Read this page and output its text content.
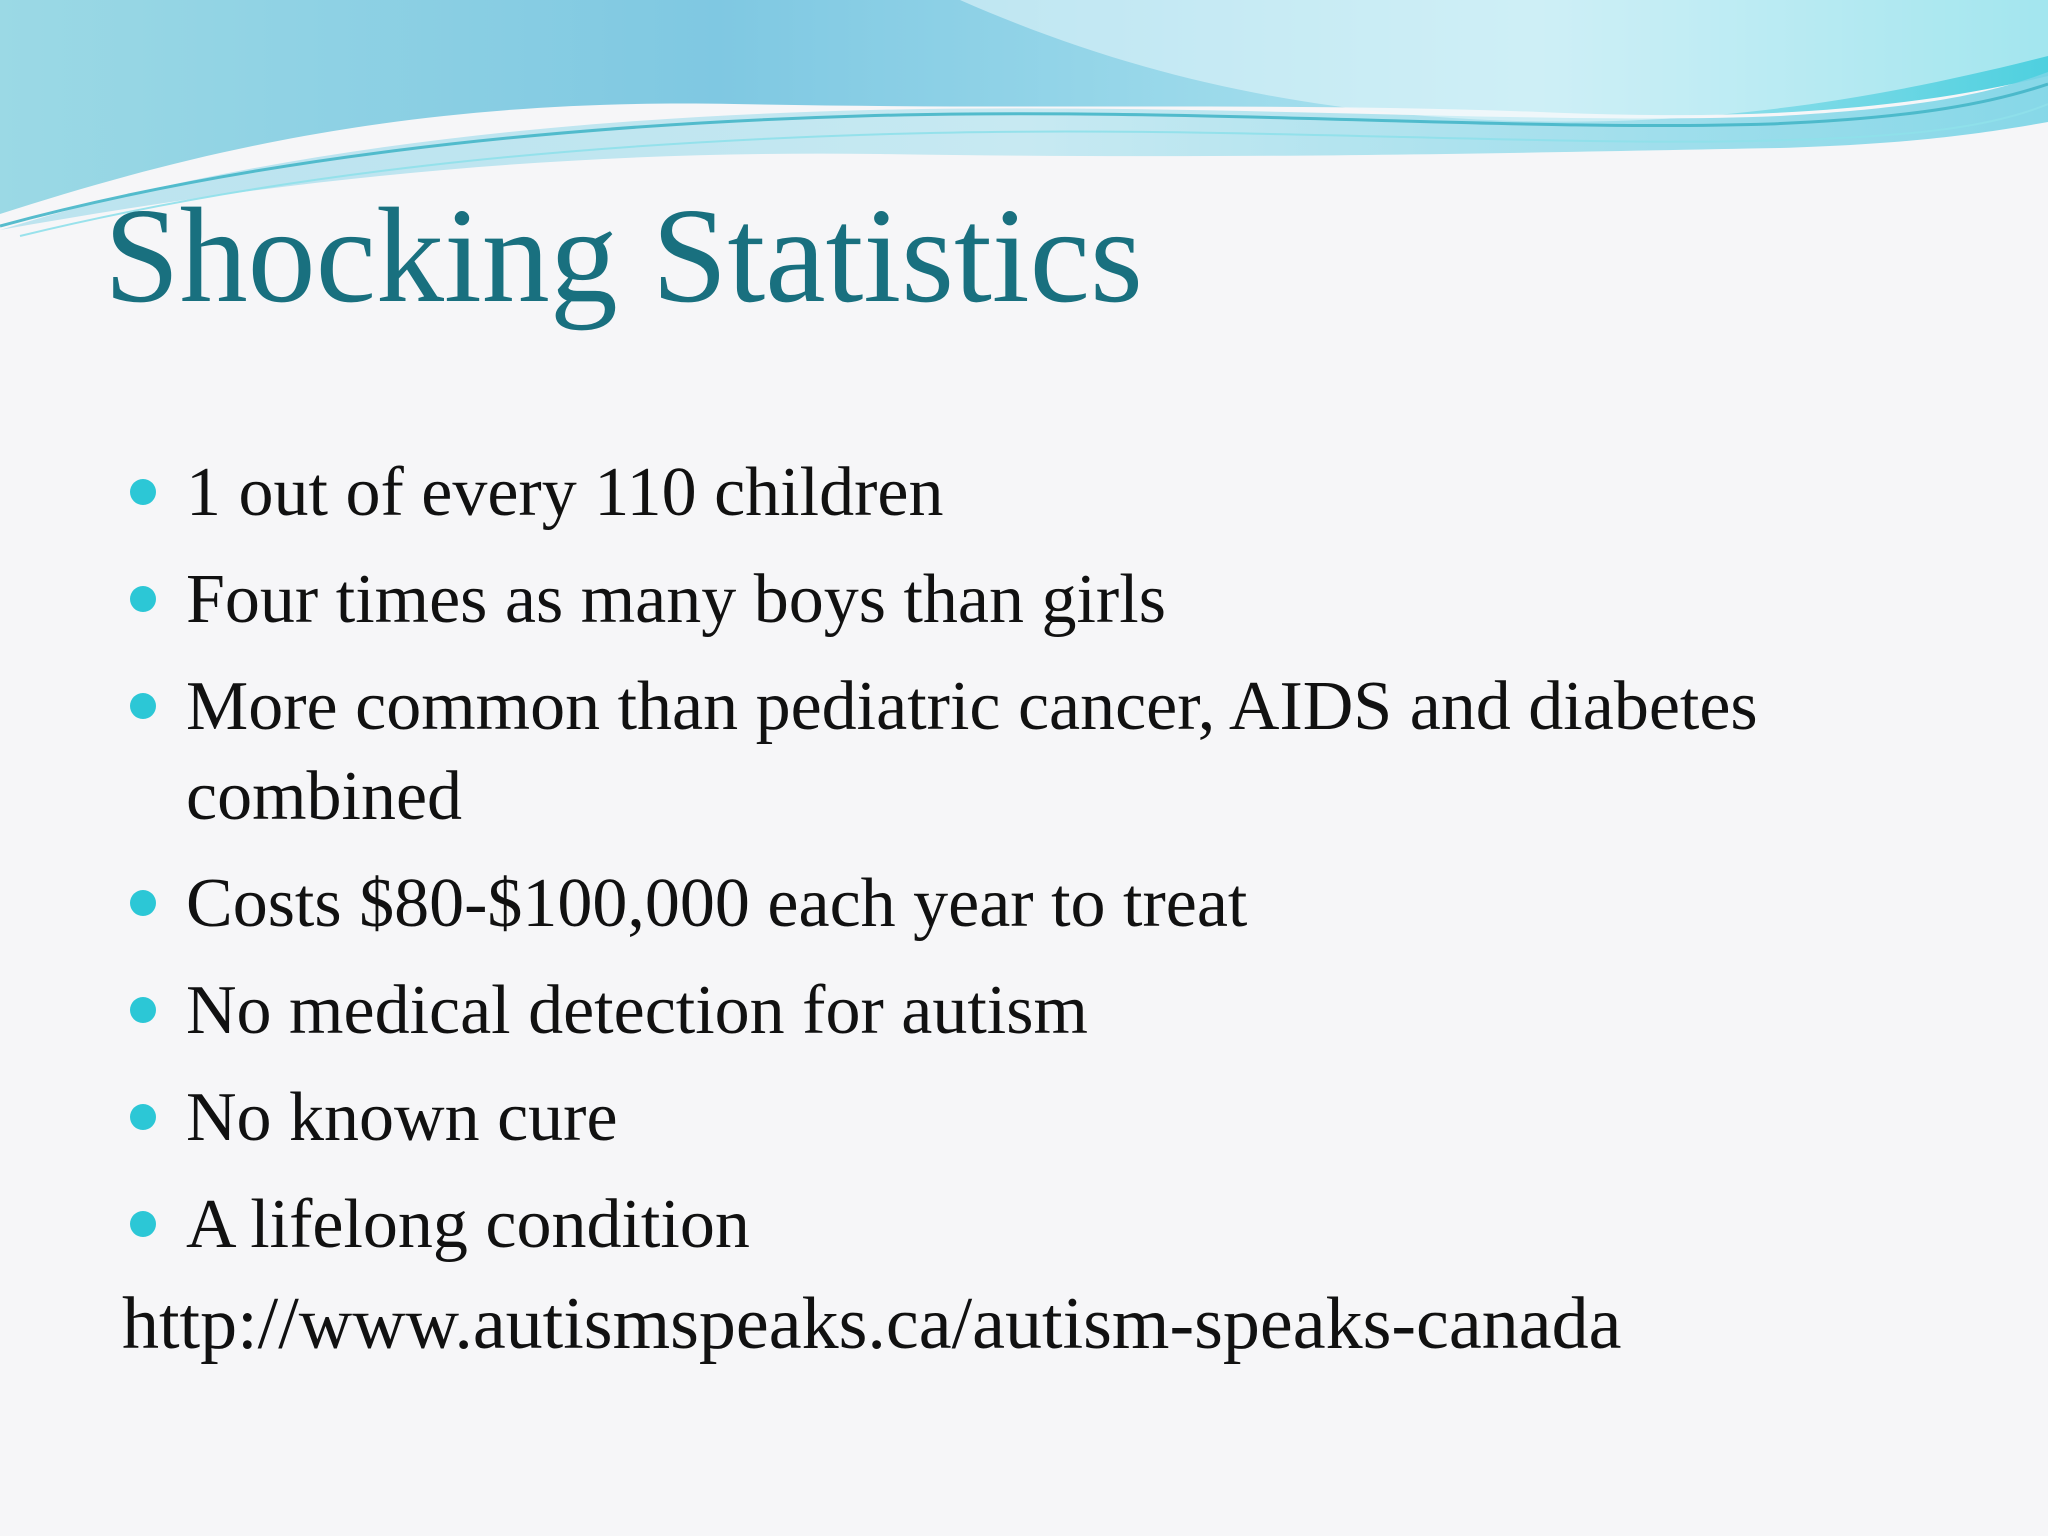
Shocking Statistics
1 out of every 110 children
Four times as many boys than girls
More common than pediatric cancer, AIDS and diabetes combined
Costs $80-$100,000 each year to treat
No medical detection for autism
No known cure
A lifelong condition
http://www.autismspeaks.ca/autism-speaks-canada
